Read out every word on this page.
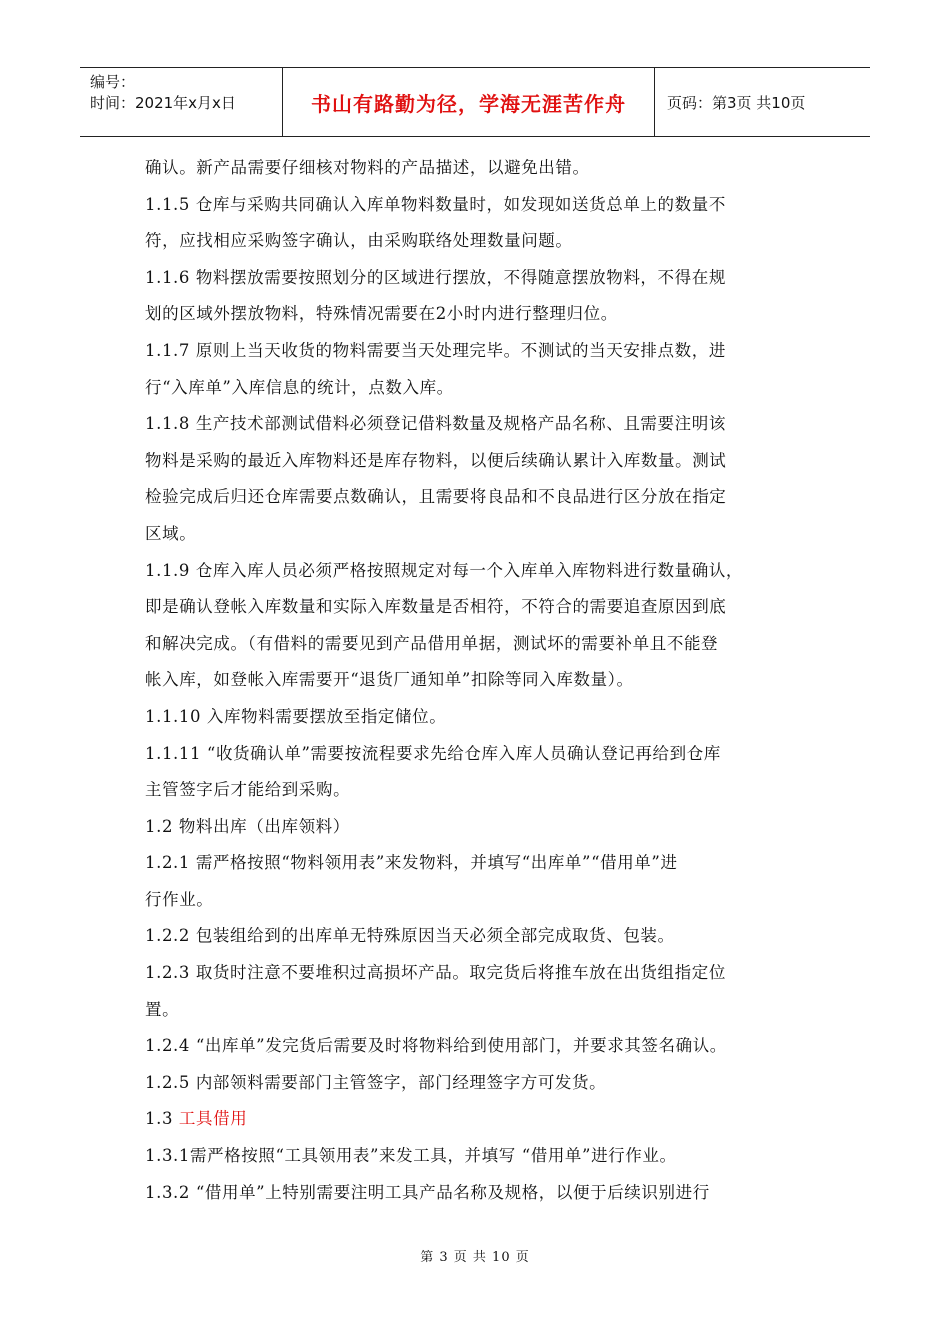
编号：
时间：2021年x月x日	书山有路勤为径，学海无涯苦作舟	页码：第3页 共10页

确认。新产品需要仔细核对物料的产品描述，以避免出错。

1.1.5 仓库与采购共同确认入库单物料数量时，如发现如送货总单上的数量不

符，应找相应采购签字确认，由采购联络处理数量问题。

1.1.6 物料摆放需要按照划分的区域进行摆放，不得随意摆放物料，不得在规

划的区域外摆放物料，特殊情况需要在2小时内进行整理归位。

1.1.7 原则上当天收货的物料需要当天处理完毕。不测试的当天安排点数，进

行“入库单”入库信息的统计，点数入库。

1.1.8 生产技术部测试借料必须登记借料数量及规格产品名称、且需要注明该

物料是采购的最近入库物料还是库存物料，以便后续确认累计入库数量。测试

检验完成后归还仓库需要点数确认，且需要将良品和不良品进行区分放在指定

区域。

1.1.9 仓库入库人员必须严格按照规定对每一个入库单入库物料进行数量确认，

即是确认登帐入库数量和实际入库数量是否相符，不符合的需要追查原因到底

和解决完成。（有借料的需要见到产品借用单据，测试坏的需要补单且不能登

帐入库，如登帐入库需要开“退货厂通知单”扣除等同入库数量）。

1.1.10 入库物料需要摆放至指定储位。

1.1.11 “收货确认单”需要按流程要求先给仓库入库人员确认登记再给到仓库

主管签字后才能给到采购。

1.2 物料出库（出库领料）

1.2.1 需严格按照“物料领用表”来发物料，并填写“出库单”“借用单”进

行作业。

1.2.2 包装组给到的出库单无特殊原因当天必须全部完成取货、包装。

1.2.3 取货时注意不要堆积过高损坏产品。取完货后将推车放在出货组指定位

置。

1.2.4 “出库单”发完货后需要及时将物料给到使用部门，并要求其签名确认。

1.2.5 内部领料需要部门主管签字，部门经理签字方可发货。

1.3 工具借用

1.3.1需严格按照“工具领用表”来发工具，并填写 “借用单”进行作业。

1.3.2 “借用单”上特别需要注明工具产品名称及规格，以便于后续识别进行

第 3 页 共 10 页
